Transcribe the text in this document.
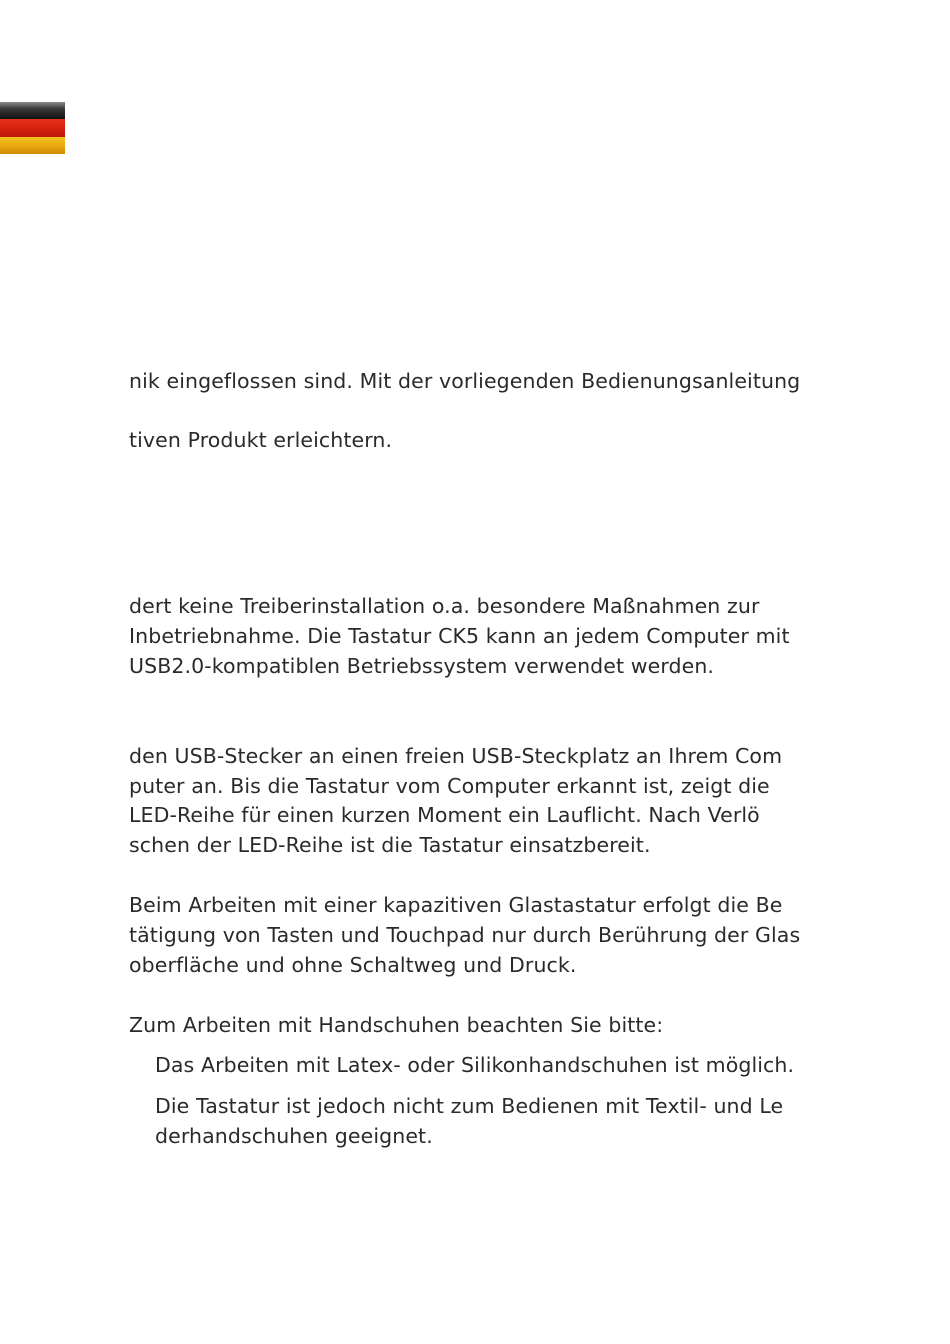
nik eingeflossen sind. Mit der vorliegenden Bedienungsanleitung
tiven Produkt erleichtern.
dert keine Treiberinstallation o.a. besondere Maßnahmen zur
Inbetriebnahme. Die Tastatur CK5 kann an jedem Computer mit
USB2.0-kompatiblen Betriebssystem verwendet werden.
den USB-Stecker an einen freien USB-Steckplatz an Ihrem Com
puter an. Bis die Tastatur vom Computer erkannt ist, zeigt die
LED-Reihe für einen kurzen Moment ein Lauflicht. Nach Verlö
schen der LED-Reihe ist die Tastatur einsatzbereit.
Beim Arbeiten mit einer kapazitiven Glastastatur erfolgt die Be
tätigung von Tasten und Touchpad nur durch Berührung der Glas
oberfläche und ohne Schaltweg und Druck.
Zum Arbeiten mit Handschuhen beachten Sie bitte:
Das Arbeiten mit Latex- oder Silikonhandschuhen ist möglich.
Die Tastatur ist jedoch nicht zum Bedienen mit Textil- und Le
derhandschuhen geeignet.
